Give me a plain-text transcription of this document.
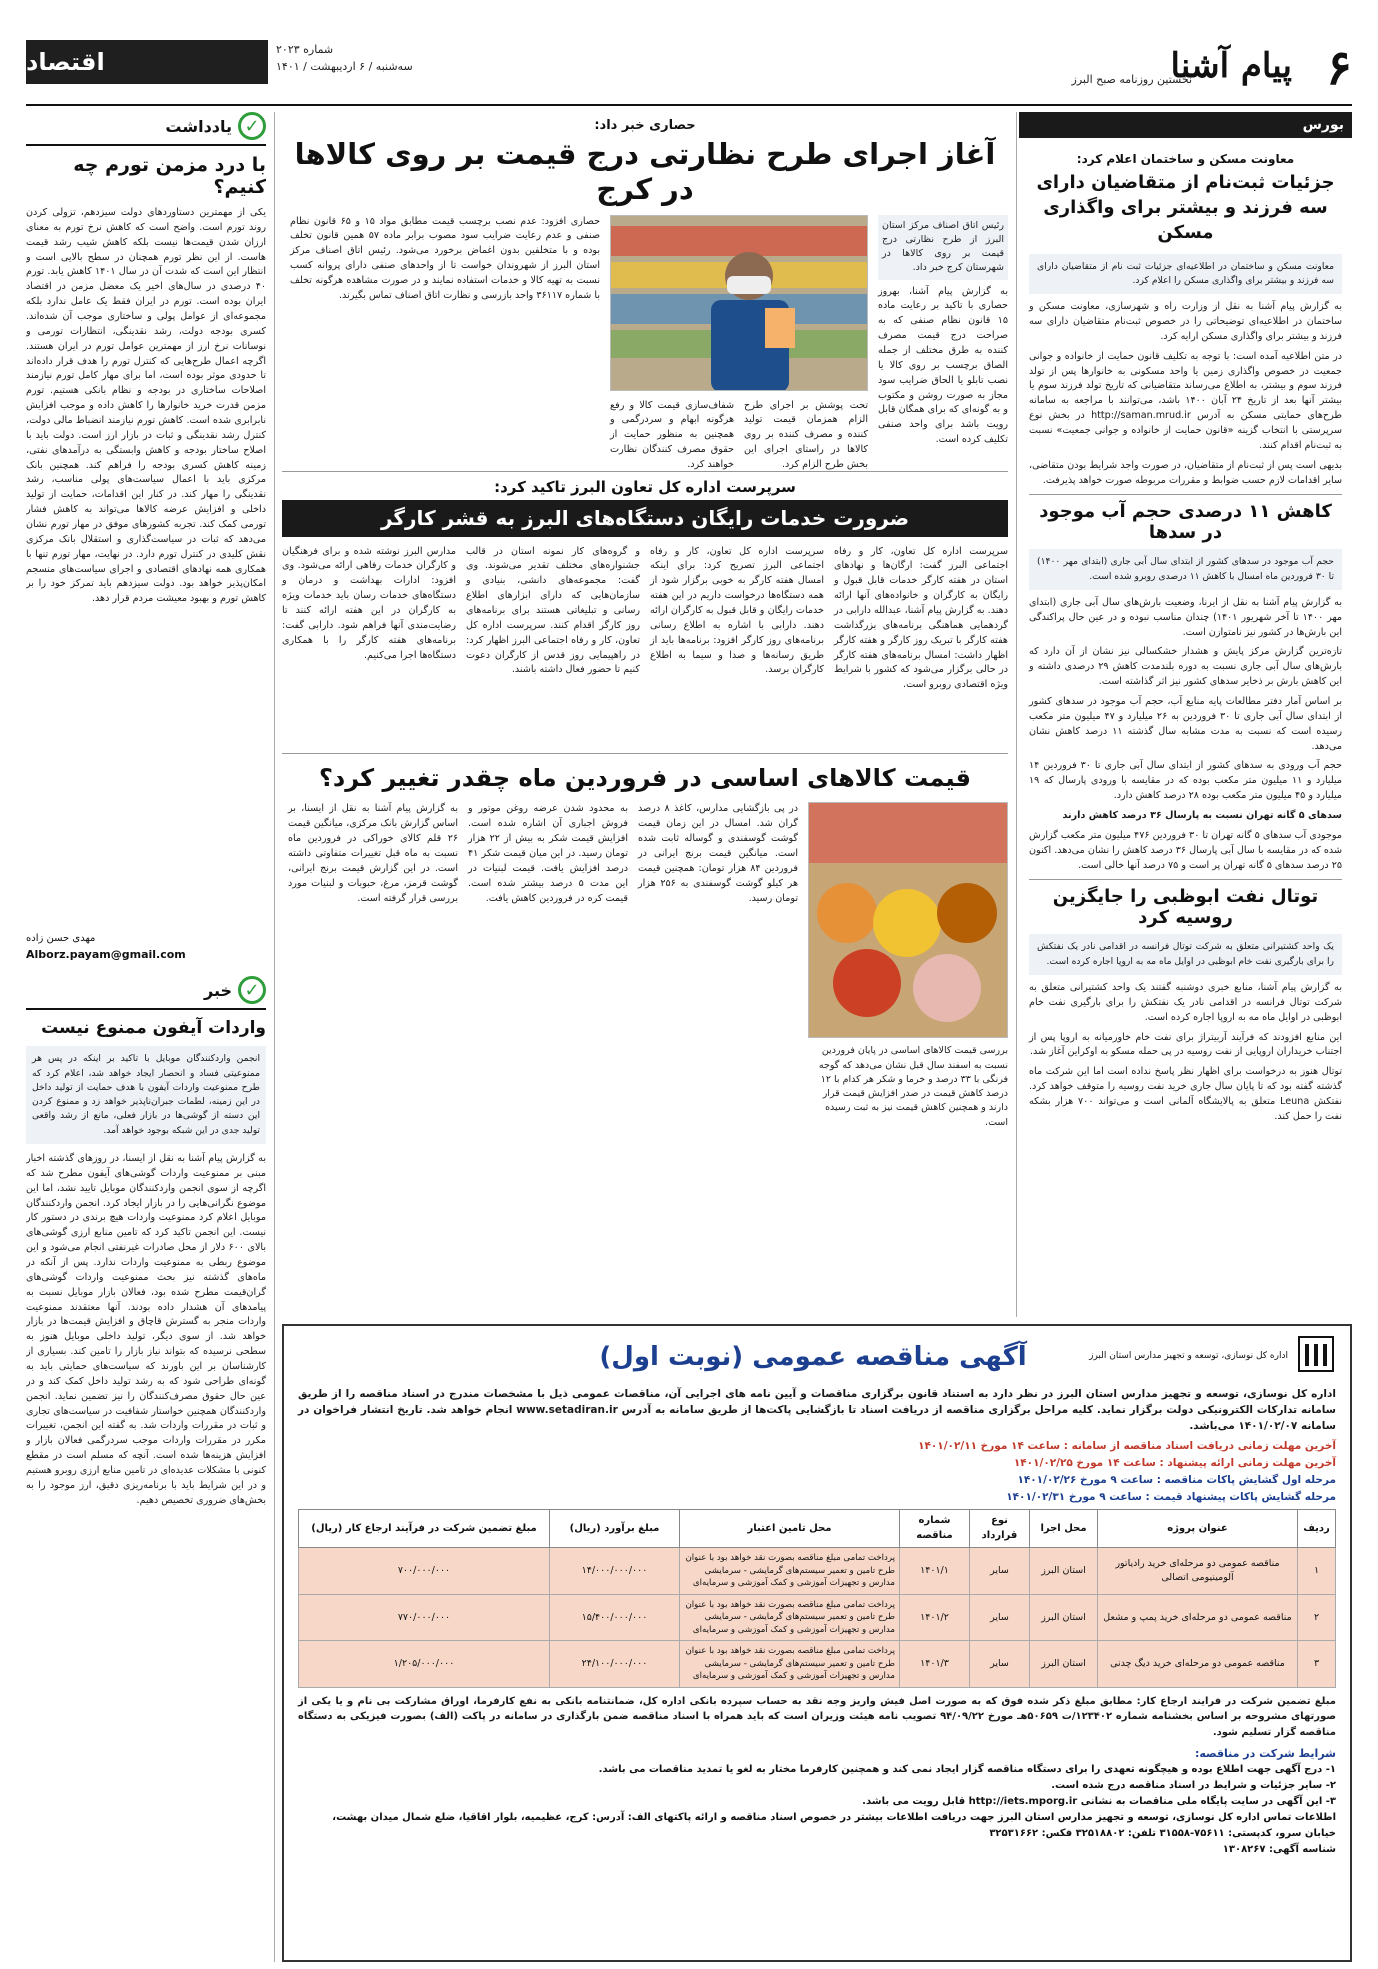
۶
پیام آشنا
نخستین روزنامه صبح البرز
شماره ۲۰۲۳
سه‌شنبه / ۶ اردیبهشت / ۱۴۰۱
اقتصاد
بورس
معاونت مسکن و ساختمان اعلام کرد:
جزئیات ثبت‌نام از متقاضیان دارای سه فرزند و بیشتر برای واگذاری مسکن
معاونت مسکن و ساختمان در اطلاعیه‌ای جزئیات ثبت نام از متقاضیان دارای سه فرزند و بیشتر برای واگذاری مسکن را اعلام کرد.

به گزارش پیام آشنا به نقل از وزارت راه و شهرسازی، معاونت مسکن و ساختمان در اطلاعیه‌ای توضیحاتی را در خصوص ثبت‌نام متقاضیان دارای سه فرزند و بیشتر برای واگذاری مسکن ارایه کرد.

در متن اطلاعیه آمده است: با توجه به تکلیف قانون حمایت از خانواده و جوانی جمعیت در خصوص واگذاری زمین یا واحد مسکونی به خانوارها پس از تولد فرزند سوم و بیشتر، به اطلاع می‌رساند متقاضیانی که تاریخ تولد فرزند سوم یا بیشتر آنها بعد از تاریخ ۲۴ آبان ۱۴۰۰ باشد، می‌توانند با مراجعه به سامانه طرح‌های حمایتی مسکن به آدرس http://saman.mrud.ir در بخش نوع سرپرستی با انتخاب گزینه «قانون حمایت از خانواده و جوانی جمعیت» نسبت به ثبت‌نام اقدام کنند.

بدیهی است پس از ثبت‌نام از متقاضیان، در صورت واجد شرایط بودن متقاضی، سایر اقدامات لازم حسب ضوابط و مقررات مربوطه صورت خواهد پذیرفت.

کاهش ۱۱ درصدی حجم آب موجود در سدها
حجم آب موجود در سدهای کشور از ابتدای سال آبی جاری (ابتدای مهر ۱۴۰۰) تا ۳۰ فروردین ماه امسال با کاهش ۱۱ درصدی روبرو شده است.

به گزارش پیام آشنا به نقل از ایرنا، وضعیت بارش‌های سال آبی جاری (ابتدای مهر ۱۴۰۰ تا آخر شهریور ۱۴۰۱) چندان مناسب نبوده و در عین حال پراکندگی این بارش‌ها در کشور نیز نامتوازن است.

تازه‌ترین گزارش مرکز پایش و هشدار خشکسالی نیز نشان از آن دارد که بارش‌های سال آبی جاری نسبت به دوره بلندمدت کاهش ۲۹ درصدی داشته و این کاهش بارش بر ذخایر سدهای کشور نیز اثر گذاشته است.

بر اساس آمار دفتر مطالعات پایه منابع آب، حجم آب موجود در سدهای کشور از ابتدای سال آبی جاری تا ۳۰ فروردین به ۲۶ میلیارد و ۴۷ میلیون متر مکعب رسیده است که نسبت به مدت مشابه سال گذشته ۱۱ درصد کاهش نشان می‌دهد.

حجم آب ورودی به سدهای کشور از ابتدای سال آبی جاری تا ۳۰ فروردین ۱۴ میلیارد و ۱۱ میلیون متر مکعب بوده که در مقایسه با ورودی پارسال که ۱۹ میلیارد و ۴۵ میلیون متر مکعب بوده ۲۸ درصد کاهش دارد.

سدهای ۵ گانه تهران نسبت به پارسال ۳۶ درصد کاهش دارند

موجودی آب سدهای ۵ گانه تهران تا ۳۰ فروردین ۴۷۶ میلیون متر مکعب گزارش شده که در مقایسه با سال آبی پارسال ۳۶ درصد کاهش را نشان می‌دهد. اکنون ۲۵ درصد سدهای ۵ گانه تهران پر است و ۷۵ درصد آنها خالی است.

توتال نفت ابوظبی را جایگزین روسیه کرد
یک واحد کشتیرانی متعلق به شرکت توتال فرانسه در اقدامی نادر یک نفتکش را برای بارگیری نفت خام ابوظبی در اوایل ماه مه به اروپا اجاره کرده است.

به گزارش پیام آشنا، منابع خبری دوشنبه گفتند یک واحد کشتیرانی متعلق به شرکت توتال فرانسه در اقدامی نادر یک نفتکش را برای بارگیری نفت خام ابوظبی در اوایل ماه مه به اروپا اجاره کرده است.

این منابع افزودند که فرآیند آربیتراژ برای نفت خام خاورمیانه به اروپا پس از اجتناب خریداران اروپایی از نفت روسیه در پی حمله مسکو به اوکراین آغاز شد.

توتال هنوز به درخواست برای اظهار نظر پاسخ نداده است اما این شرکت ماه گذشته گفته بود که تا پایان سال جاری خرید نفت روسیه را متوقف خواهد کرد. نفتکش Leuna متعلق به پالایشگاه آلمانی است و می‌تواند ۷۰۰ هزار بشکه نفت را حمل کند.

حصاری خبر داد:
آغاز اجرای طرح نظارتی درج قیمت بر روی کالاها در کرج

رئیس اتاق اصناف مرکز استان البرز از طرح نظارتی درج قیمت بر روی کالاها در شهرستان کرج خبر داد.

به گزارش پیام آشنا، بهروز حصاری با تاکید بر رعایت ماده ۱۵ قانون نظام صنفی که به صراحت درج قیمت مصرف کننده به طرق مختلف از جمله الصاق برچسب بر روی کالا یا نصب تابلو یا الحاق ضرایب سود مجاز به صورت روشن و مکتوب و به گونه‌ای که برای همگان قابل رویت باشد برای واحد صنفی تکلیف کرده است.

تحت پوشش بر اجرای طرح الزام همزمان قیمت تولید کننده و مصرف کننده بر روی کالاها در راستای اجرای این بخش طرح الزام کرد.
شفاف‌سازی قیمت کالا و رفع هرگونه ابهام و سردرگمی و همچنین به منظور حمایت از حقوق مصرف کنندگان نظارت خواهند کرد.
حصاری افزود: عدم نصب برچسب قیمت مطابق مواد ۱۵ و ۶۵ قانون نظام صنفی و عدم رعایت ضرایب سود مصوب برابر ماده ۵۷ همین قانون تخلف بوده و با متخلفین بدون اغماض برخورد می‌شود. رئیس اتاق اصناف مرکز استان البرز از شهروندان خواست تا از واحدهای صنفی دارای پروانه کسب نسبت به تهیه کالا و خدمات استفاده نمایند و در صورت مشاهده هرگونه تخلف با شماره ۳۶۱۱۷ واحد بازرسی و نظارت اتاق اصناف تماس بگیرند.
سرپرست اداره کل تعاون البرز تاکید کرد:
ضرورت خدمات رایگان دستگاه‌های البرز به قشر کارگر
سرپرست اداره کل تعاون، کار و رفاه اجتماعی البرز گفت: ارگان‌ها و نهادهای استان در هفته کارگر خدمات قابل قبول و رایگان به کارگران و خانواده‌های آنها ارائه دهند. به گزارش پیام آشنا، عبدالله دارابی در گردهمایی هماهنگی برنامه‌های بزرگداشت هفته کارگر با تبریک روز کارگر و هفته کارگر اظهار داشت: امسال برنامه‌های هفته کارگر در حالی برگزار می‌شود که کشور با شرایط ویژه اقتصادی روبرو است.
سرپرست اداره کل تعاون، کار و رفاه اجتماعی البرز تصریح کرد: برای اینکه امسال هفته کارگر به خوبی برگزار شود از همه دستگاه‌ها درخواست داریم در این هفته خدمات رایگان و قابل قبول به کارگران ارائه دهند. دارابی با اشاره به اطلاع رسانی برنامه‌های روز کارگر افزود: برنامه‌ها باید از طریق رسانه‌ها و صدا و سیما به اطلاع کارگران برسد.
و گروه‌های کار نمونه استان در قالب جشنواره‌های مختلف تقدیر می‌شوند. وی گفت: مجموعه‌های دانشی، بنیادی و سازمان‌هایی که دارای ابزارهای اطلاع رسانی و تبلیغاتی هستند برای برنامه‌های روز کارگر اقدام کنند. سرپرست اداره کل تعاون، کار و رفاه اجتماعی البرز اظهار کرد: در راهپیمایی روز قدس از کارگران دعوت کنیم تا حضور فعال داشته باشند.
مدارس البرز نوشته شده و برای فرهنگیان و کارگران خدمات رفاهی ارائه می‌شود. وی افزود: ادارات بهداشت و درمان و دستگاه‌های خدمات رسان باید خدمات ویژه به کارگران در این هفته ارائه کنند تا رضایت‌مندی آنها فراهم شود. دارابی گفت: برنامه‌های هفته کارگر را با همکاری دستگاه‌ها اجرا می‌کنیم.
قیمت کالاهای اساسی در فروردین ماه چقدر تغییر کرد؟
بررسی قیمت کالاهای اساسی در پایان فروردین نسبت به اسفند سال قبل نشان می‌دهد که گوجه فرنگی با ۳۳ درصد و خرما و شکر هر کدام با ۱۲ درصد کاهش قیمت در صدر افزایش قیمت قرار دارند و همچنین کاهش قیمت نیز به ثبت رسیده است.
در پی بازگشایی مدارس، کاغذ ۸ درصد گران شد. امسال در این زمان قیمت گوشت گوسفندی و گوساله ثابت شده است. میانگین قیمت برنج ایرانی در فروردین ۸۴ هزار تومان: همچنین قیمت هر کیلو گوشت گوسفندی به ۲۵۶ هزار تومان رسید.
به محدود شدن عرضه روغن موتور و فروش اجباری آن اشاره شده است. افزایش قیمت شکر به بیش از ۲۲ هزار تومان رسید. در این میان قیمت شکر ۴۱ درصد افزایش یافت. قیمت لبنیات در این مدت ۵ درصد بیشتر شده است. قیمت کره در فروردین کاهش یافت.
به گزارش پیام آشنا به نقل از ایسنا، بر اساس گزارش بانک مرکزی، میانگین قیمت ۲۶ قلم کالای خوراکی در فروردین ماه نسبت به ماه قبل تغییرات متفاوتی داشته است. در این گزارش قیمت برنج ایرانی، گوشت قرمز، مرغ، حبوبات و لبنیات مورد بررسی قرار گرفته است.
✓
یادداشت
با درد مزمن تورم چه کنیم؟
یکی از مهمترین دستاوردهای دولت سیزدهم، تزولی کردن روند تورم است. واضح است که کاهش نرخ تورم به معنای ارزان شدن قیمت‌ها نیست بلکه کاهش شیب رشد قیمت هاست. از این نظر تورم همچنان در سطح بالایی است و انتظار این است که شدت آن در سال ۱۴۰۱ کاهش یابد. تورم ۴۰ درصدی در سال‌های اخیر یک معضل مزمن در اقتصاد ایران بوده است. تورم در ایران فقط یک عامل ندارد بلکه مجموعه‌ای از عوامل پولی و ساختاری موجب آن شده‌اند. کسری بودجه دولت، رشد نقدینگی، انتظارات تورمی و نوسانات نرخ ارز از مهمترین عوامل تورم در ایران هستند. اگرچه اعمال طرح‌هایی که کنترل تورم را هدف قرار داده‌اند تا حدودی موثر بوده است، اما برای مهار کامل تورم نیازمند اصلاحات ساختاری در بودجه و نظام بانکی هستیم. تورم مزمن قدرت خرید خانوارها را کاهش داده و موجب افزایش نابرابری شده است. کاهش تورم نیازمند انضباط مالی دولت، کنترل رشد نقدینگی و ثبات در بازار ارز است. دولت باید با اصلاح ساختار بودجه و کاهش وابستگی به درآمدهای نفتی، زمینه کاهش کسری بودجه را فراهم کند. همچنین بانک مرکزی باید با اعمال سیاست‌های پولی مناسب، رشد نقدینگی را مهار کند. در کنار این اقدامات، حمایت از تولید داخلی و افزایش عرضه کالاها می‌تواند به کاهش فشار تورمی کمک کند. تجربه کشورهای موفق در مهار تورم نشان می‌دهد که ثبات در سیاست‌گذاری و استقلال بانک مرکزی نقش کلیدی در کنترل تورم دارد. در نهایت، مهار تورم تنها با همکاری همه نهادهای اقتصادی و اجرای سیاست‌های منسجم امکان‌پذیر خواهد بود. دولت سیزدهم باید تمرکز خود را بر کاهش تورم و بهبود معیشت مردم قرار دهد.
مهدی حسن زاده
Alborz.payam@gmail.com
✓
خبر
واردات آیفون ممنوع نیست
انجمن واردکنندگان موبایل با تاکید بر اینکه در پس هر ممنوعیتی فساد و انحصار ایجاد خواهد شد، اعلام کرد که طرح ممنوعیت واردات آیفون با هدف حمایت از تولید داخل در این زمینه، لطمات جبران‌ناپذیر خواهد زد و ممنوع کردن این دسته از گوشی‌ها در بازار فعلی، مانع از رشد واقعی تولید جدی در این شبکه بوجود خواهد آمد.
به گزارش پیام آشنا به نقل از ایسنا، در روزهای گذشته اخبار مبنی بر ممنوعیت واردات گوشی‌های آیفون مطرح شد که اگرچه از سوی انجمن واردکنندگان موبایل تایید نشد، اما این موضوع نگرانی‌هایی را در بازار ایجاد کرد. انجمن واردکنندگان موبایل اعلام کرد ممنوعیت واردات هیچ برندی در دستور کار نیست. این انجمن تاکید کرد که تامین منابع ارزی گوشی‌های بالای ۶۰۰ دلار از محل صادرات غیرنفتی انجام می‌شود و این موضوع ربطی به ممنوعیت واردات ندارد. پس از آنکه در ماه‌های گذشته نیز بحث ممنوعیت واردات گوشی‌های گران‌قیمت مطرح شده بود، فعالان بازار موبایل نسبت به پیامدهای آن هشدار داده بودند. آنها معتقدند ممنوعیت واردات منجر به گسترش قاچاق و افزایش قیمت‌ها در بازار خواهد شد. از سوی دیگر، تولید داخلی موبایل هنوز به سطحی نرسیده که بتواند نیاز بازار را تامین کند. بسیاری از کارشناسان بر این باورند که سیاست‌های حمایتی باید به گونه‌ای طراحی شود که به رشد تولید داخل کمک کند و در عین حال حقوق مصرف‌کنندگان را نیز تضمین نماید. انجمن واردکنندگان همچنین خواستار شفافیت در سیاست‌های تجاری و ثبات در مقررات واردات شد. به گفته این انجمن، تغییرات مکرر در مقررات واردات موجب سردرگمی فعالان بازار و افزایش هزینه‌ها شده است. آنچه که مسلم است در مقطع کنونی با مشکلات عدیده‌ای در تامین منابع ارزی روبرو هستیم و در این شرایط باید با برنامه‌ریزی دقیق، ارز موجود را به بخش‌های ضروری تخصیص دهیم.
اداره کل نوسازی، توسعه و تجهیز مدارس استان البرز
آگهی مناقصه عمومی (نوبت اول)
اداره کل نوسازی، توسعه و تجهیز مدارس استان البرز در نظر دارد به استناد قانون برگزاری مناقصات و آیین نامه های اجرایی آن، مناقصات عمومی ذیل با مشخصات مندرج در اسناد مناقصه را از طریق سامانه تدارکات الکترونیکی دولت برگزار نماید. کلیه مراحل برگزاری مناقصه از دریافت اسناد تا بازگشایی پاکت‌ها از طریق سامانه به آدرس www.setadiran.ir انجام خواهد شد. تاریخ انتشار فراخوان در سامانه ۱۴۰۱/۰۲/۰۷ می‌باشد.
آخرین مهلت زمانی دریافت اسناد مناقصه از سامانه : ساعت ۱۴ مورخ ۱۴۰۱/۰۲/۱۱
آخرین مهلت زمانی ارائه پیشنهاد : ساعت ۱۴ مورخ ۱۴۰۱/۰۲/۲۵
مرحله اول گشایش پاکات مناقصه : ساعت ۹ مورخ ۱۴۰۱/۰۲/۲۶
مرحله گشایش پاکات پیشنهاد قیمت : ساعت ۹ مورخ ۱۴۰۱/۰۲/۳۱
ردیف	عنوان پروژه	محل اجرا	نوع قرارداد	شماره مناقصه	محل تامین اعتبار	مبلغ برآورد (ریال)	مبلغ تضمین شرکت در فرآیند ارجاع کار (ریال)
۱	مناقصه عمومی دو مرحله‌ای خرید رادیاتور آلومینیومی اتصالی	استان البرز	سایر	۱۴۰۱/۱	پرداخت تمامی مبلغ مناقصه بصورت نقد خواهد بود با عنوان طرح تامین و تعمیر سیستم‌های گرمایشی - سرمایشی مدارس و تجهیزات آموزشی و کمک آموزشی و سرمایه‌ای	۱۴/۰۰۰/۰۰۰/۰۰۰	۷۰۰/۰۰۰/۰۰۰
۲	مناقصه عمومی دو مرحله‌ای خرید پمپ و مشعل	استان البرز	سایر	۱۴۰۱/۲	پرداخت تمامی مبلغ مناقصه بصورت نقد خواهد بود با عنوان طرح تامین و تعمیر سیستم‌های گرمایشی - سرمایشی مدارس و تجهیزات آموزشی و کمک آموزشی و سرمایه‌ای	۱۵/۴۰۰/۰۰۰/۰۰۰	۷۷۰/۰۰۰/۰۰۰
۳	مناقصه عمومی دو مرحله‌ای خرید دیگ چدنی	استان البرز	سایر	۱۴۰۱/۳	پرداخت تمامی مبلغ مناقصه بصورت نقد خواهد بود با عنوان طرح تامین و تعمیر سیستم‌های گرمایشی - سرمایشی مدارس و تجهیزات آموزشی و کمک آموزشی و سرمایه‌ای	۲۴/۱۰۰/۰۰۰/۰۰۰	۱/۲۰۵/۰۰۰/۰۰۰
مبلغ تضمین شرکت در فرایند ارجاع کار: مطابق مبلغ ذکر شده فوق که به صورت اصل فیش واریز وجه نقد به حساب سپرده بانکی اداره کل، ضمانتنامه بانکی به نفع کارفرما، اوراق مشارکت بی نام و یا یکی از صورتهای مشروحه بر اساس بخشنامه شماره ۱۲۳۴۰۲/ت ۵۰۶۵۹هـ مورخ ۹۴/۰۹/۲۲ تصویب نامه هیئت وزیران است که باید همراه با اسناد مناقصه ضمن بارگذاری در سامانه در پاکت (الف) بصورت فیزیکی به دستگاه مناقصه گزار تسلیم شود.
شرایط شرکت در مناقصه:
۱- درج آگهی جهت اطلاع بوده و هیچگونه تعهدی را برای دستگاه مناقصه گزار ایجاد نمی کند و همچنین کارفرما مختار به لغو یا تمدید مناقصات می باشد.
۲- سایر جزئیات و شرایط در اسناد مناقصه درج شده است.
۳- این آگهی در سایت پایگاه ملی مناقصات به نشانی http://iets.mporg.ir قابل رویت می باشد.
اطلاعات تماس اداره کل نوسازی، توسعه و تجهیز مدارس استان البرز جهت دریافت اطلاعات بیشتر در خصوص اسناد مناقصه و ارائه پاکتهای الف: آدرس: کرج، عظیمیه، بلوار اقاقیا، ضلع شمال میدان بهشت، خیابان سرو، کدپستی: ۷۵۶۱۱-۳۱۵۵۸ تلفن: ۳۲۵۱۸۸۰۲ فکس: ۳۲۵۳۱۶۶۲
شناسه آگهی: ۱۳۰۸۲۶۷
